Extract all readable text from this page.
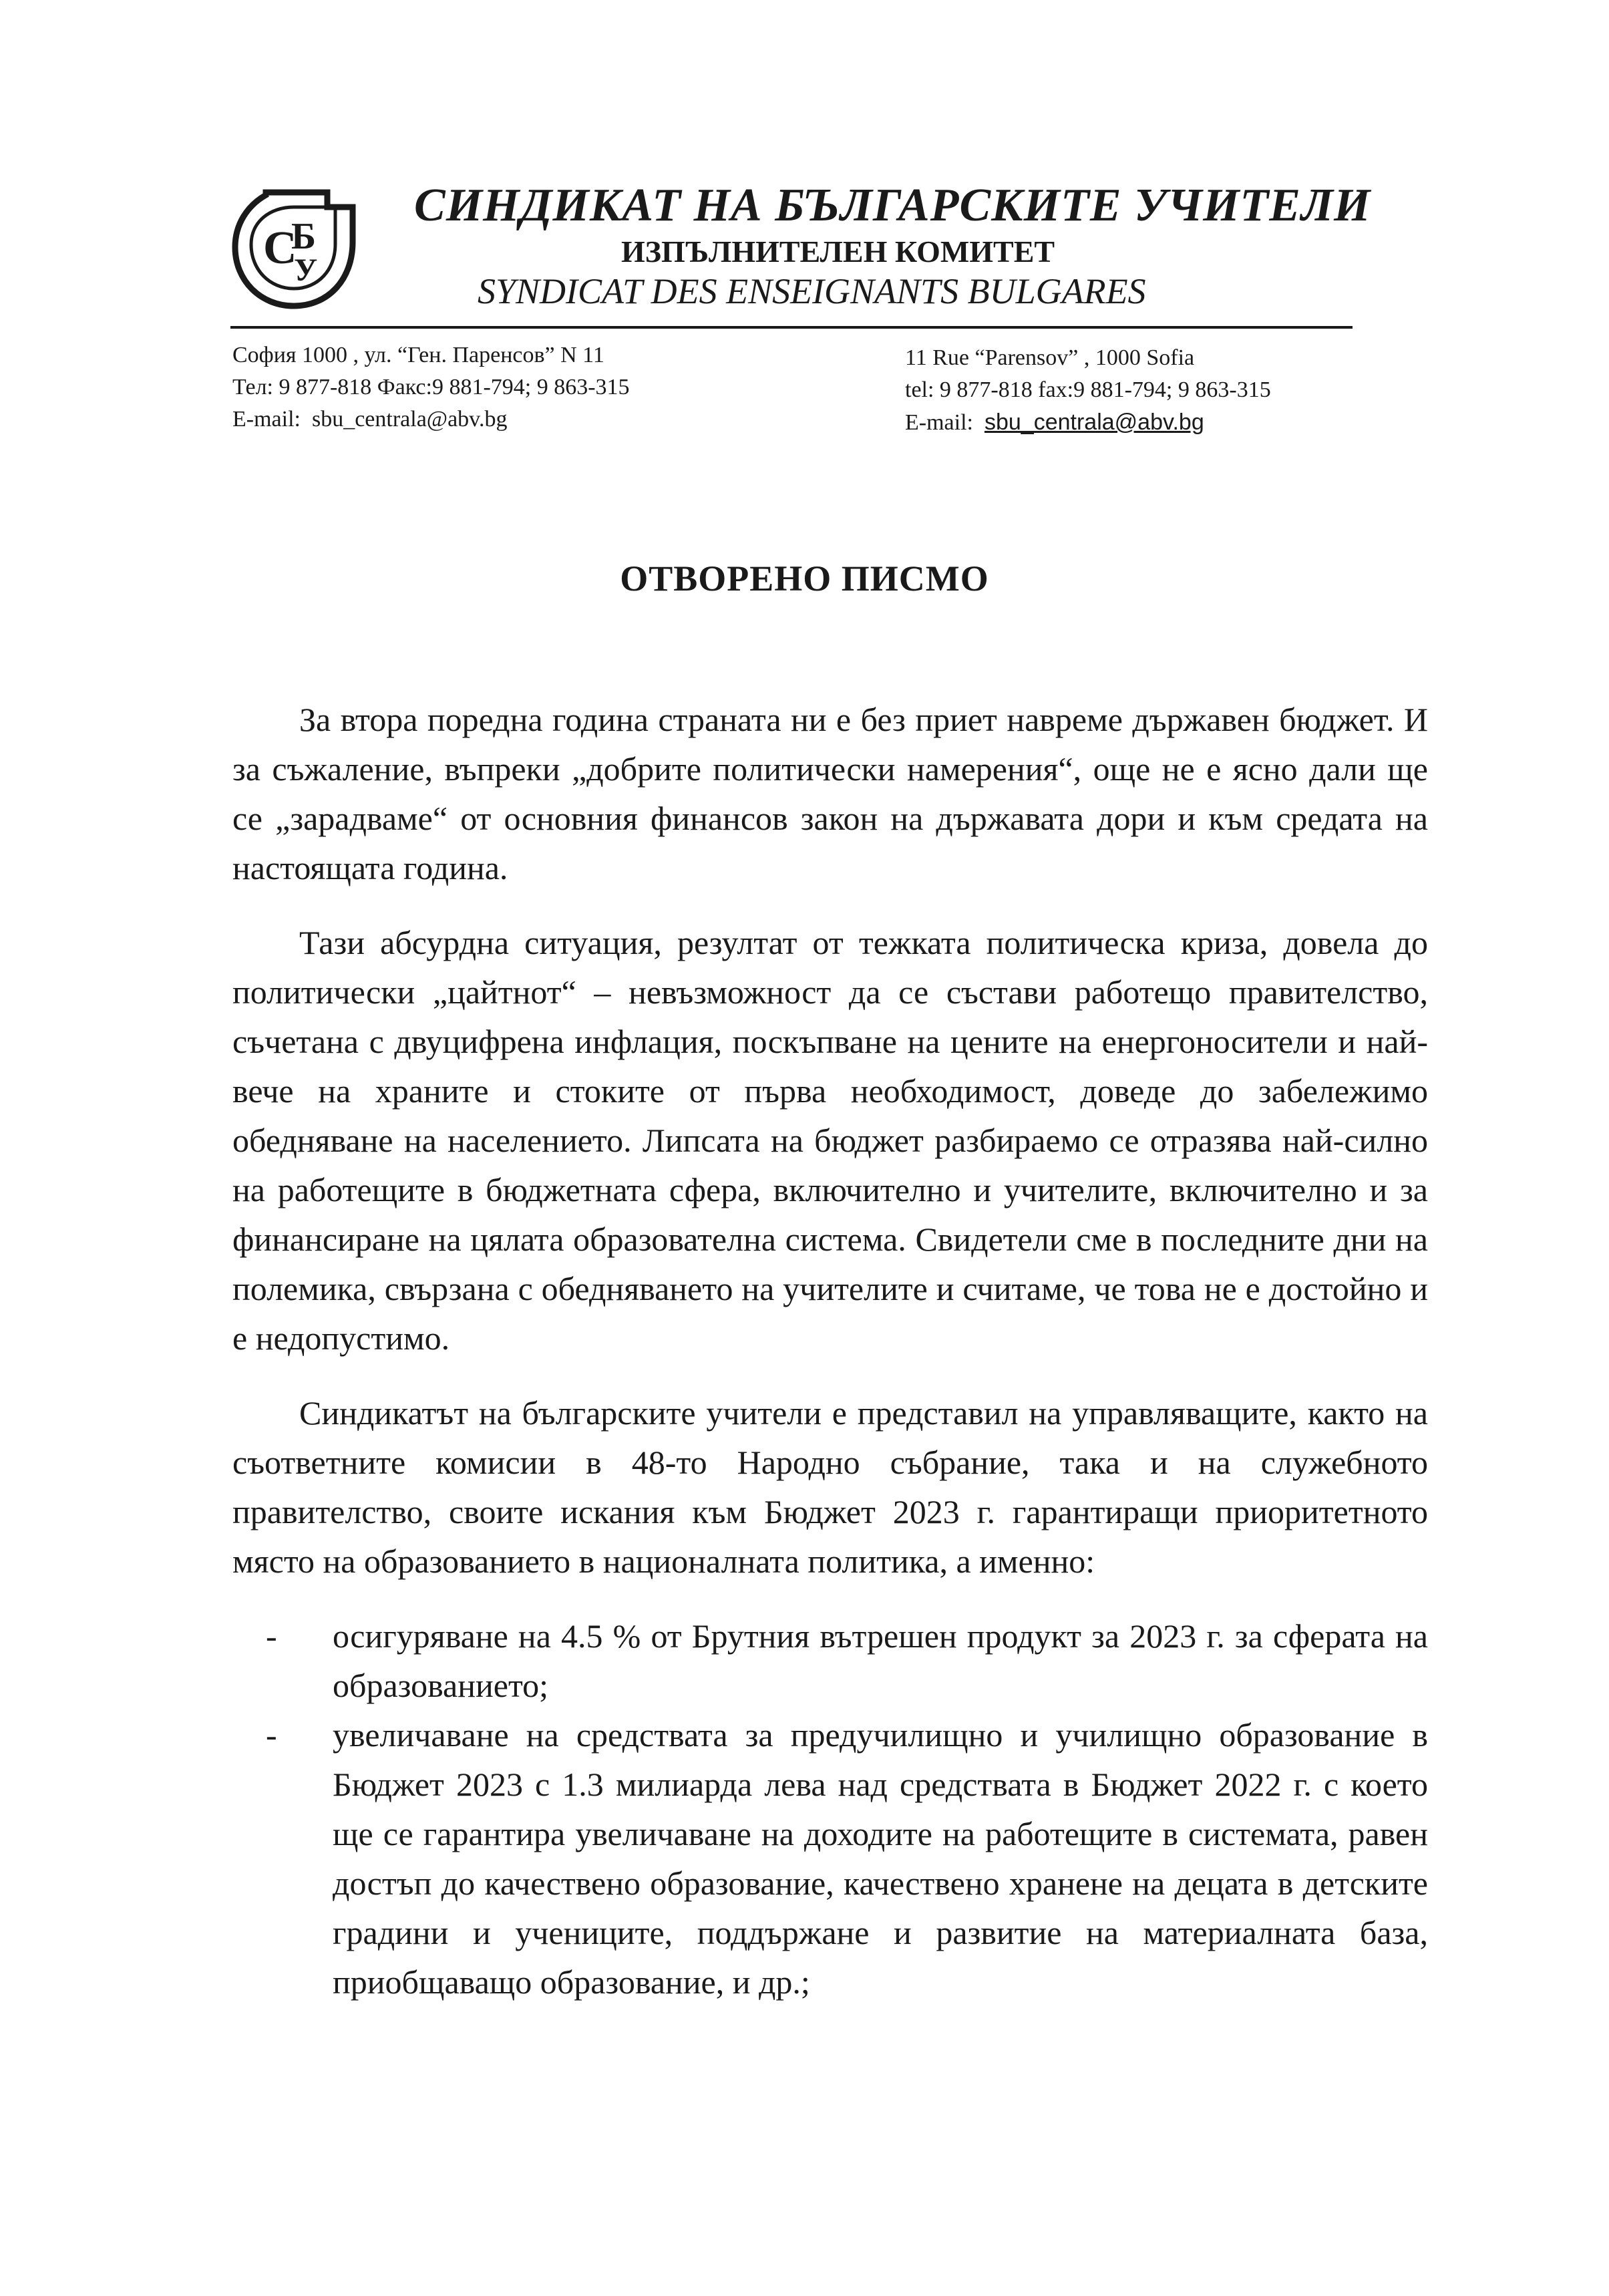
С
Б
У
СИНДИКАТ НА БЪЛГАРСКИТЕ УЧИТЕЛИ
ИЗПЪЛНИТЕЛЕН КОМИТЕТ
SYNDICAT DES ENSEIGNANTS BULGARES
София 1000 , ул. “Ген. Паренсов” N 11
Тел: 9 877-818 Факс:9 881-794; 9 863-315
E-mail: sbu_centrala@abv.bg
11 Rue “Parensov” , 1000 Sofia
tel: 9 877-818 fax:9 881-794; 9 863-315
E-mail: sbu_centrala@abv.bg
ОТВОРЕНО ПИСМО

За втора поредна година страната ни е без приет навреме държавен бюджет. И за съжаление, въпреки „добрите политически намерения“, още не е ясно дали ще се „зарадваме“ от основния финансов закон на държавата дори и към средата на настоящата година.

Тази абсурдна ситуация, резултат от тежката политическа криза, довела до политически „цайтнот“ – невъзможност да се състави работещо правителство, съчетана с двуцифрена инфлация, поскъпване на цените на енергоносители и най-вече на храните и стоките от първа необходимост, доведе до забележимо обедняване на населението. Липсата на бюджет разбираемо се отразява най-силно на работещите в бюджетната сфера, включително и учителите, включително и за финансиране на цялата образователна система. Свидетели сме в последните дни на полемика, свързана с обедняването на учителите и считаме, че това не е достойно и е недопустимо.

Синдикатът на българските учители е представил на управляващите, както на съответните комисии в 48-то Народно събрание, така и на служебното правителство, своите искания към Бюджет 2023 г. гарантиращи приоритетното място на образованието в националната политика, а именно:

- осигуряване на 4.5 % от Брутния вътрешен продукт за 2023 г. за сферата на образованието;
- увеличаване на средствата за предучилищно и училищно образование в Бюджет 2023 с 1.3 милиарда лева над средствата в Бюджет 2022 г. с което ще се гарантира увеличаване на доходите на работещите в системата, равен достъп до качествено образование, качествено хранене на децата в детските градини и учениците, поддържане и развитие на материалната база, приобщаващо образование, и др.;
